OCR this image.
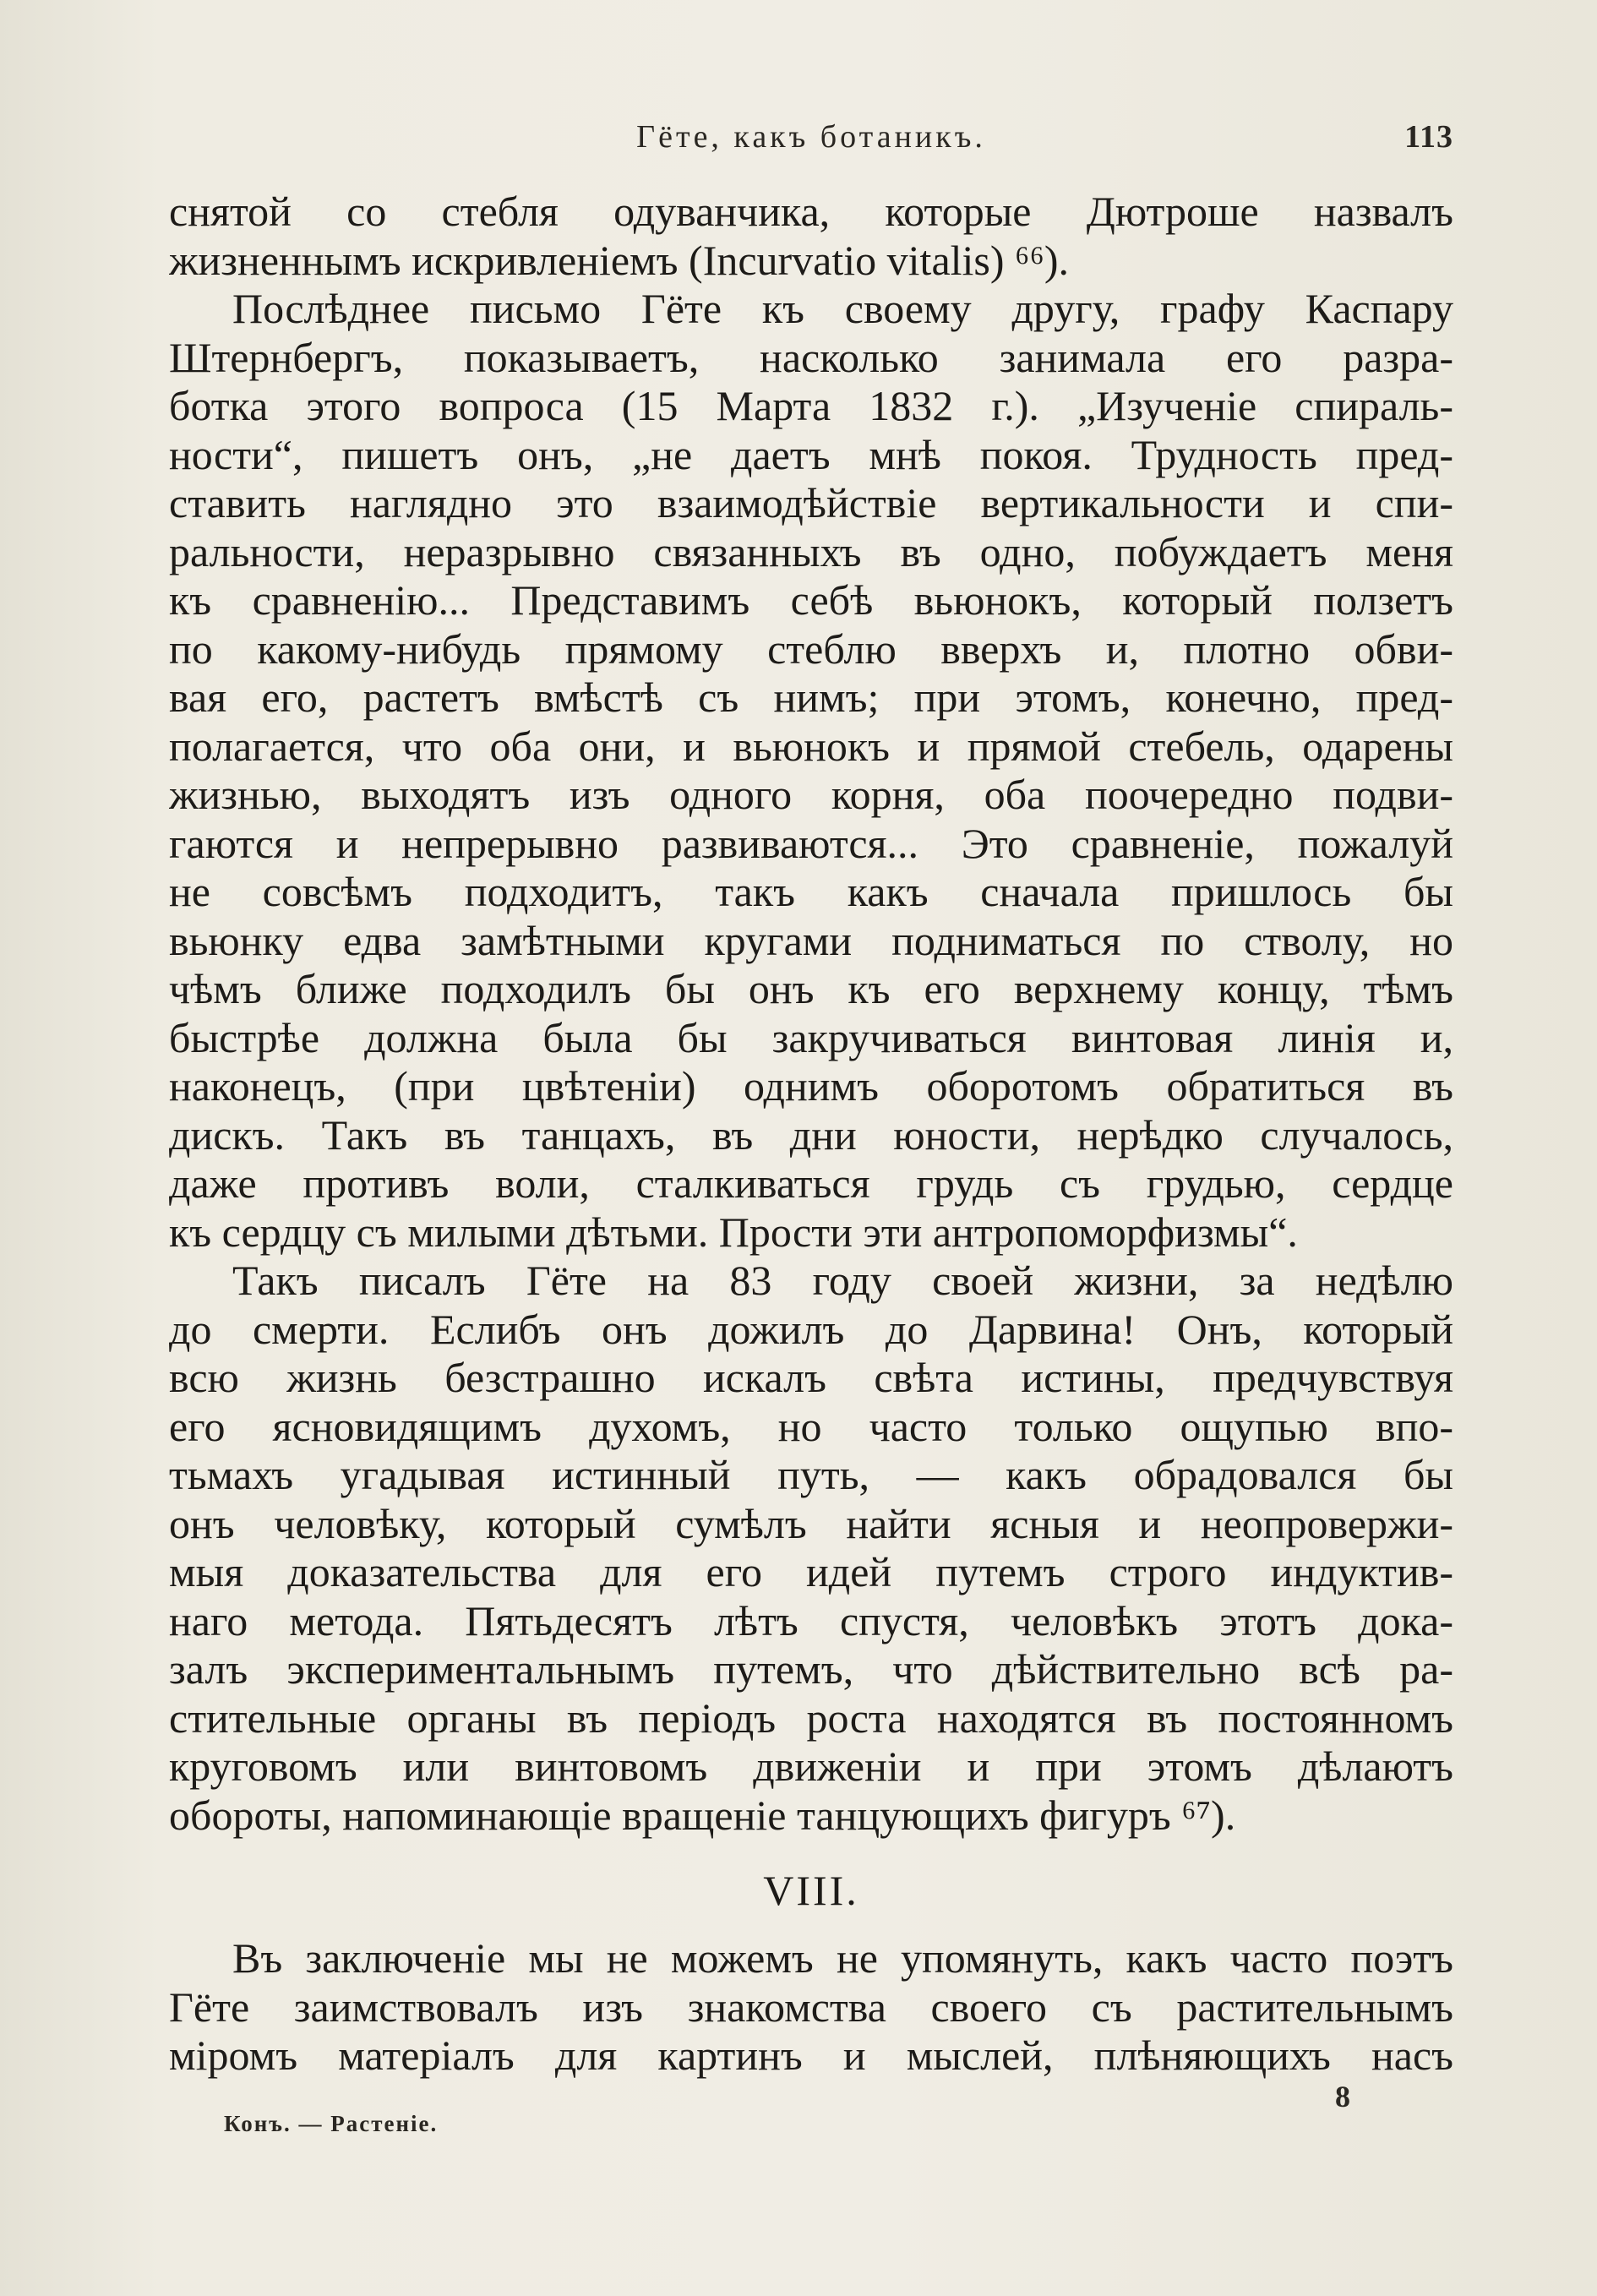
Гёте, какъ ботаникъ.	113

снятой со стебля одуванчика, которые Дютроше назвалъ
жизненнымъ искривленіемъ (Incurvatio vitalis) ⁶⁶).

Послѣднее письмо Гёте къ своему другу, графу Каспару
Штернбергъ, показываетъ, насколько занимала его разра-
ботка этого вопроса (15 Марта 1832 г.). „Изученіе спираль-
ности“, пишетъ онъ, „не даетъ мнѣ покоя. Трудность пред-
ставить наглядно это взаимодѣйствіе вертикальности и спи-
ральности, неразрывно связанныхъ въ одно, побуждаетъ меня
къ сравненію... Представимъ себѣ вьюнокъ, который ползетъ
по какому-нибудь прямому стеблю вверхъ и, плотно обви-
вая его, растетъ вмѣстѣ съ нимъ; при этомъ, конечно, пред-
полагается, что оба они, и вьюнокъ и прямой стебель, одарены
жизнью, выходятъ изъ одного корня, оба поочередно подви-
гаются и непрерывно развиваются... Это сравненіе, пожалуй
не совсѣмъ подходитъ, такъ какъ сначала пришлось бы
вьюнку едва замѣтными кругами подниматься по стволу, но
чѣмъ ближе подходилъ бы онъ къ его верхнему концу, тѣмъ
быстрѣе должна была бы закручиваться винтовая линія и,
наконецъ, (при цвѣтеніи) однимъ оборотомъ обратиться въ
дискъ. Такъ въ танцахъ, въ дни юности, нерѣдко случалось,
даже противъ воли, сталкиваться грудь съ грудью, сердце
къ сердцу съ милыми дѣтьми. Прости эти антропоморфизмы“.

Такъ писалъ Гёте на 83 году своей жизни, за недѣлю
до смерти. Еслибъ онъ дожилъ до Дарвина! Онъ, который
всю жизнь безстрашно искалъ свѣта истины, предчувствуя
его ясновидящимъ духомъ, но часто только ощупью впо-
тьмахъ угадывая истинный путь, — какъ обрадовался бы
онъ человѣку, который сумѣлъ найти ясныя и неопровержи-
мыя доказательства для его идей путемъ строго индуктив-
наго метода. Пятьдесятъ лѣтъ спустя, человѣкъ этотъ дока-
залъ экспериментальнымъ путемъ, что дѣйствительно всѣ ра-
стительные органы въ періодъ роста находятся въ постоянномъ
круговомъ или винтовомъ движеніи и при этомъ дѣлаютъ
обороты, напоминающіе вращеніе танцующихъ фигуръ ⁶⁷).

VIII.

Въ заключеніе мы не можемъ не упомянуть, какъ часто поэтъ
Гёте заимствовалъ изъ знакомства своего съ растительнымъ
міромъ матеріалъ для картинъ и мыслей, плѣняющихъ насъ

8
Конъ. — Растеніе.
